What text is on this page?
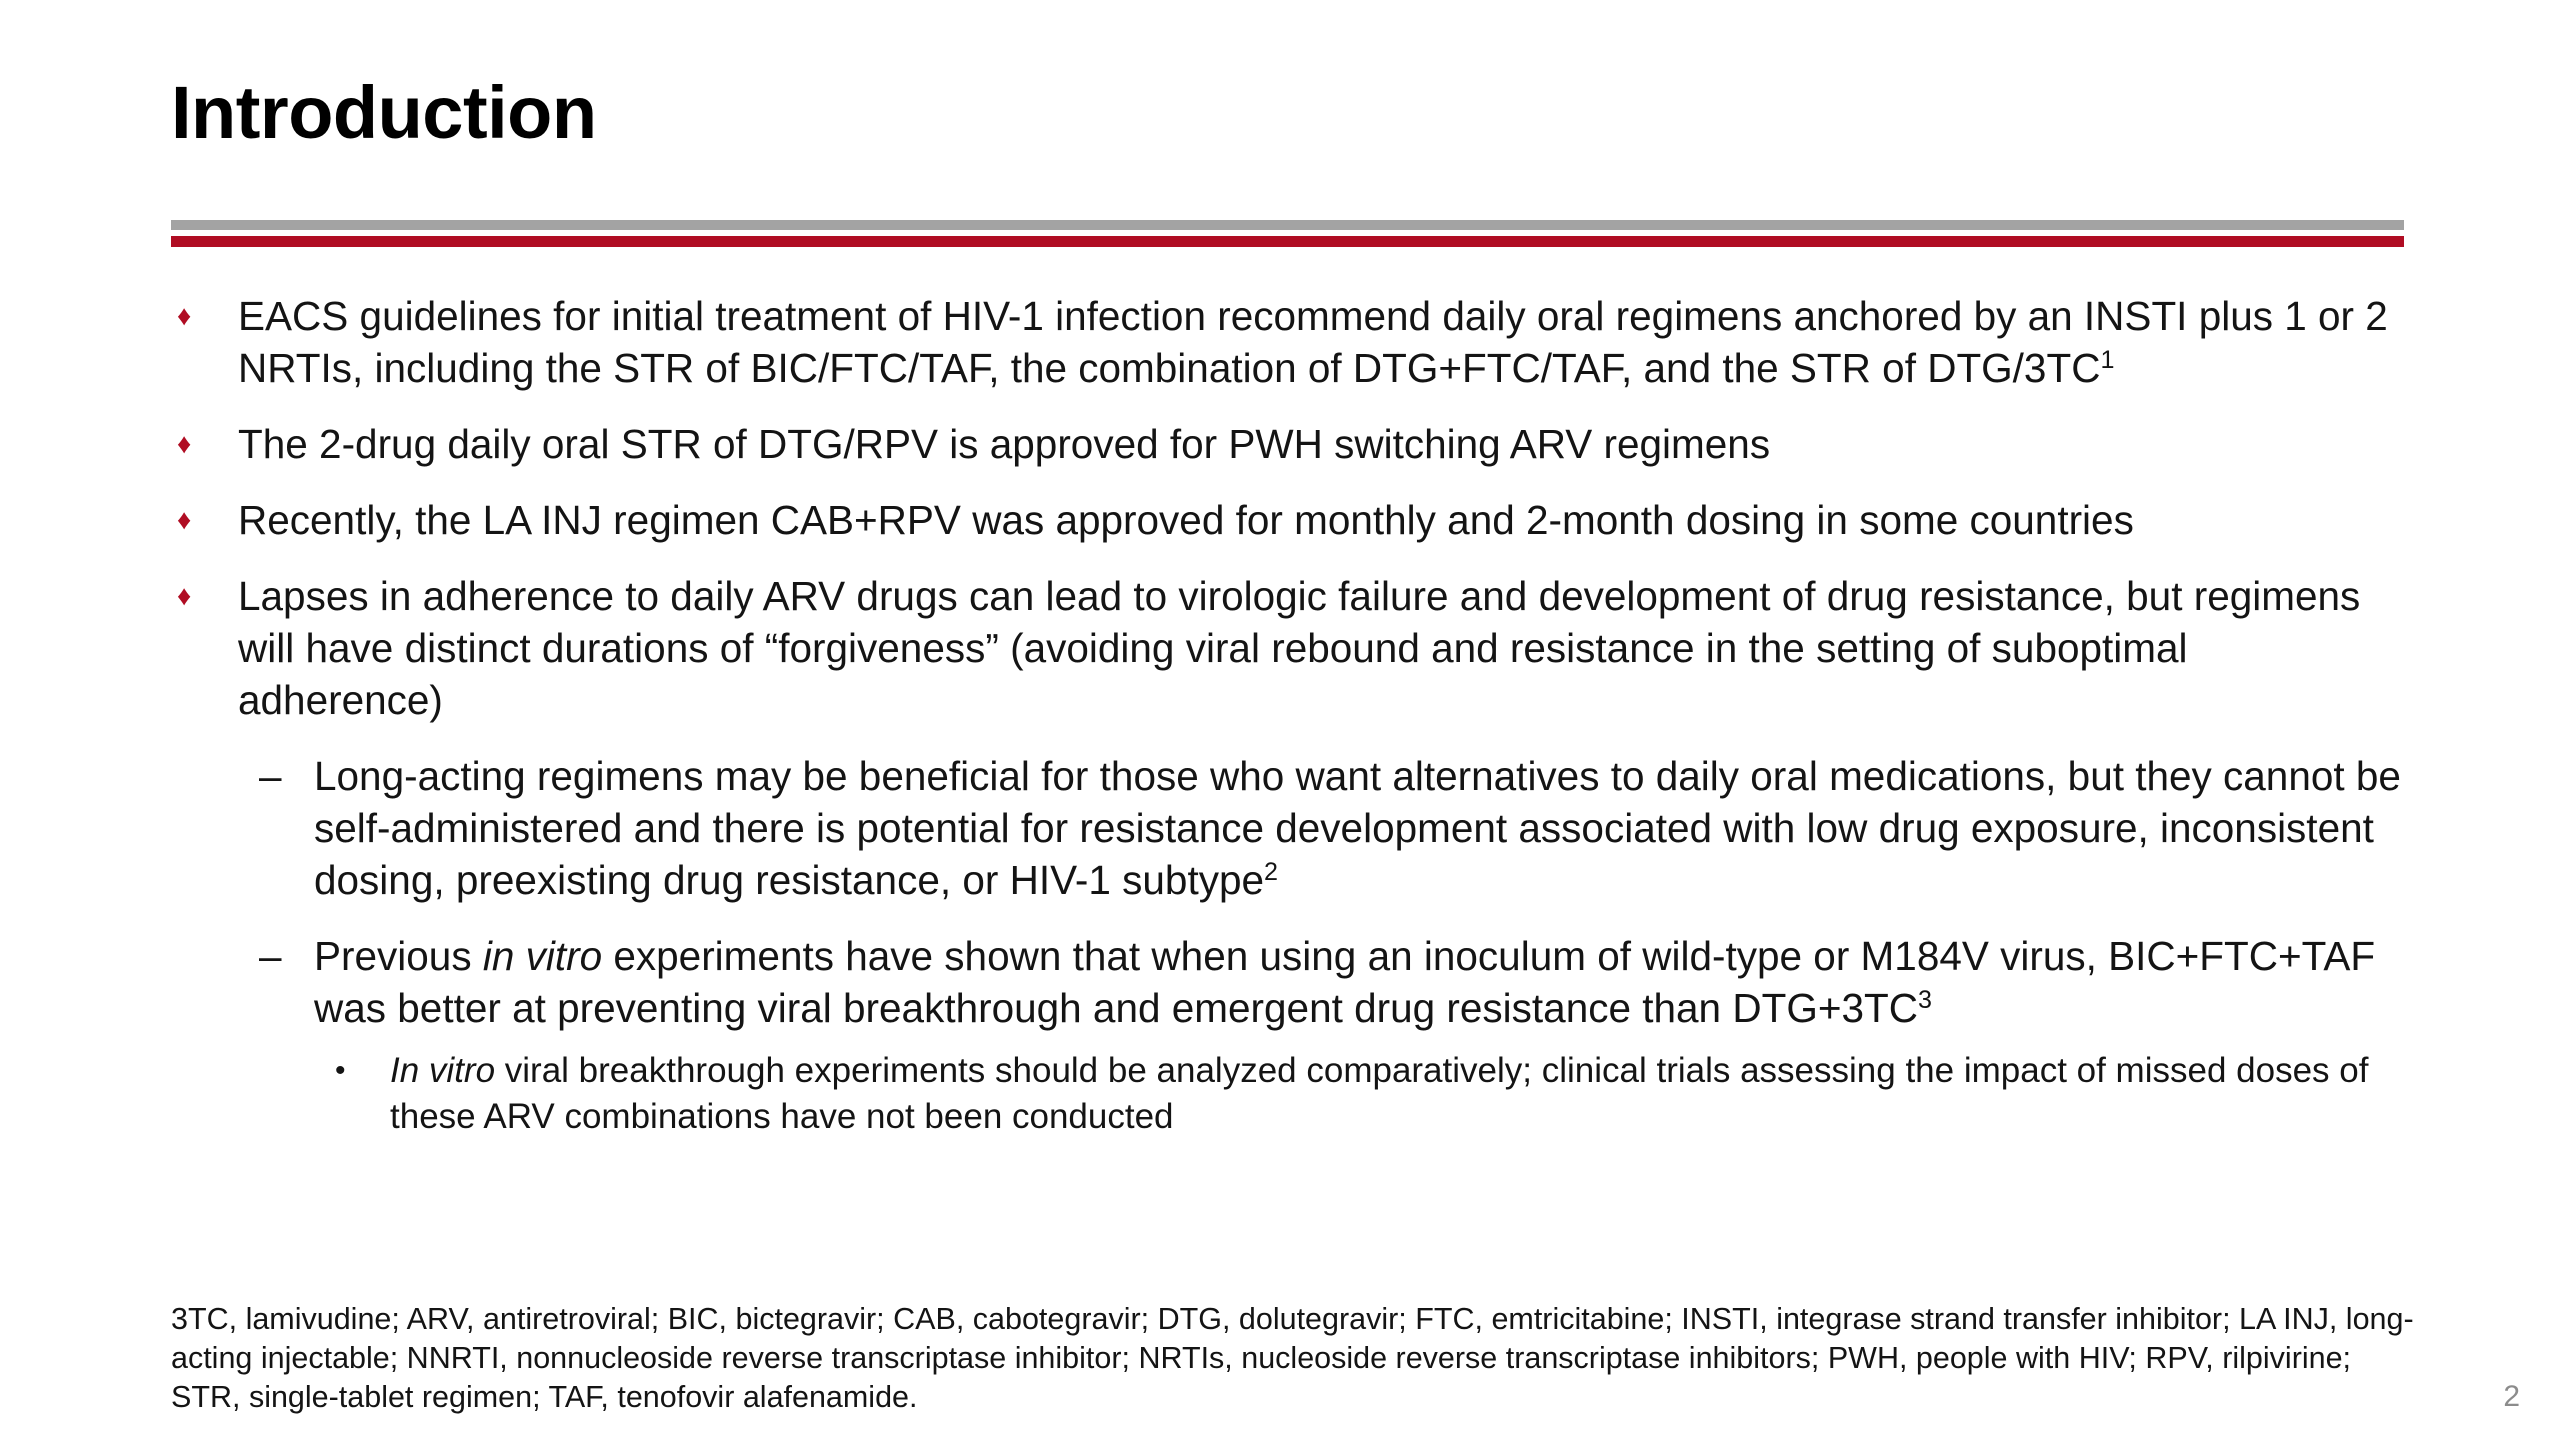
Introduction
♦ EACS guidelines for initial treatment of HIV-1 infection recommend daily oral regimens anchored by an INSTI plus 1 or 2 NRTIs, including the STR of BIC/FTC/TAF, the combination of DTG+FTC/TAF, and the STR of DTG/$3TC^1$
♦ The 2-drug daily oral STR of DTG/RPV is approved for PWH switching ARV regimens
♦ Recently, the LA INJ regimen CAB+RPV was approved for monthly and 2-month dosing in some countries
♦ Lapses in adherence to daily ARV drugs can lead to virologic failure and development of drug resistance, but regimens will have distinct durations of “forgiveness” (avoiding viral rebound and resistance in the setting of suboptimal adherence)
– Long-acting regimens may be beneficial for those who want alternatives to daily oral medications, but they cannot be self-administered and there is potential for resistance development associated with low drug exposure, inconsistent dosing, preexisting drug resistance, or HIV-1 subtype$^2$
– Previous in vitro experiments have shown that when using an inoculum of wild-type or M184V virus, BIC+FTC+TAF was better at preventing viral breakthrough and emergent drug resistance than $DTG+3TC^3$
• In vitro viral breakthrough experiments should be analyzed comparatively; clinical trials assessing the impact of missed doses of these ARV combinations have not been conducted
3TC, lamivudine; ARV, antiretroviral; BIC, bictegravir; CAB, cabotegravir; DTG, dolutegravir; FTC, emtricitabine; INSTI, integrase strand transfer inhibitor; LA INJ, long-acting injectable; NNRTI, nonnucleoside reverse transcriptase inhibitor; NRTIs, nucleoside reverse transcriptase inhibitors; PWH, people with HIV; RPV, rilpivirine; STR, single-tablet regimen; TAF, tenofovir alafenamide.	2
